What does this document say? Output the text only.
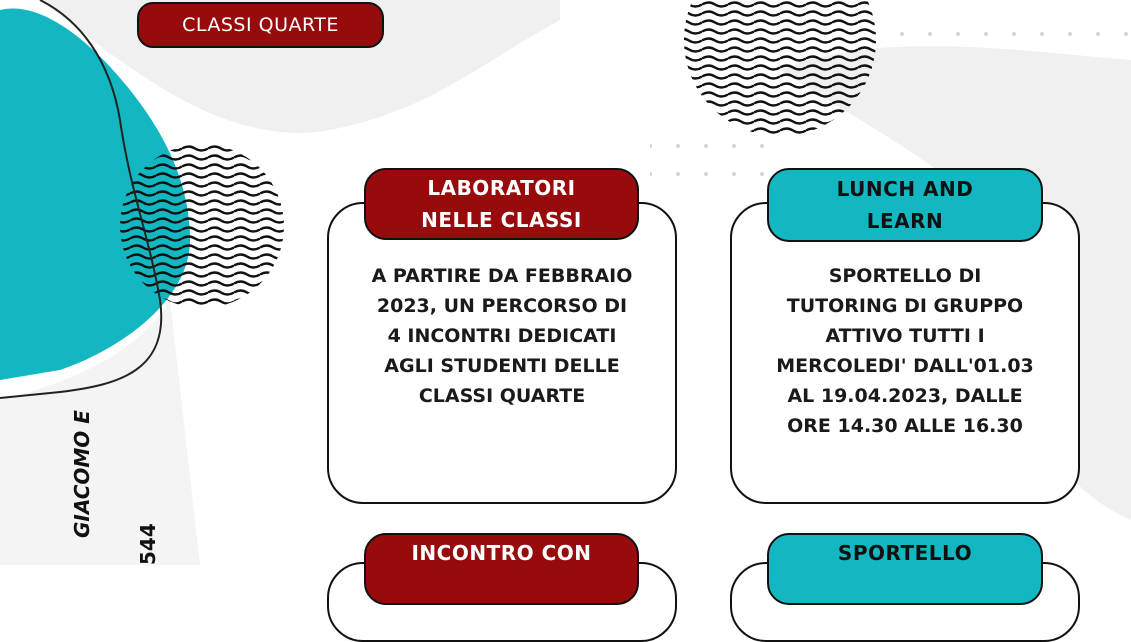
CLASSI QUARTE
LABORATORI
NELLE CLASSI
A PARTIRE DA FEBBRAIO
2023, UN PERCORSO DI
4 INCONTRI DEDICATI
AGLI STUDENTI DELLE
CLASSI QUARTE
LUNCH AND
LEARN
SPORTELLO DI
TUTORING DI GRUPPO
ATTIVO TUTTI I
MERCOLEDI' DALL'01.03
AL 19.04.2023, DALLE
ORE 14.30 ALLE 16.30
INCONTRO CON	SPORTELLO
GIACOMO E
544
